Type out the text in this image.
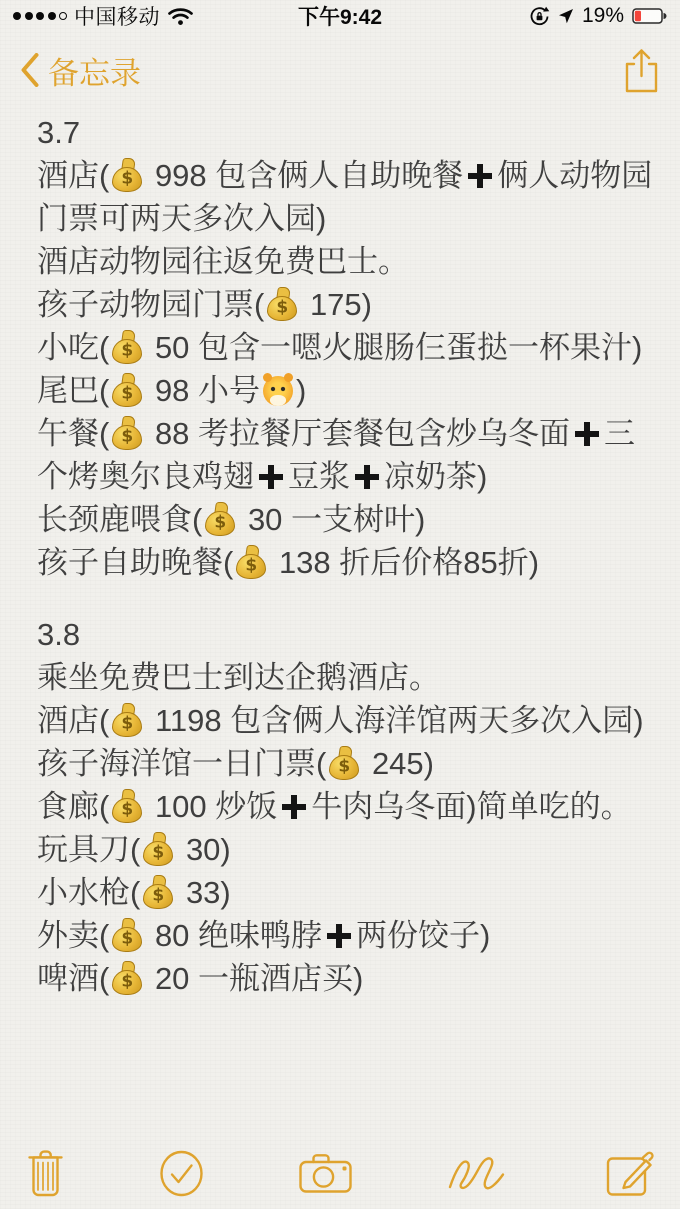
中国移动	下午9:42	19%
备忘录
3.7
酒店(
$
998 包含俩人自助晚餐 俩人动物园门票可两天多次入园)
酒店动物园往返免费巴士。
孩子动物园门票(
$
175)
小吃(
$
50 包含一嗯火腿肠仨蛋挞一杯果汁)
尾巴(
$
98 小号 )
午餐(
$
88 考拉餐厅套餐包含炒乌冬面 三个烤奥尔良鸡翅 豆浆 凉奶茶)
长颈鹿喂食(
$
30 一支树叶)
孩子自助晚餐(
$
138 折后价格85折)
3.8
乘坐免费巴士到达企鹅酒店。
酒店(
$
1198 包含俩人海洋馆两天多次入园)
孩子海洋馆一日门票(
$
245)
食廊(
$
100 炒饭 牛肉乌冬面)简单吃的。
玩具刀(
$
30)
小水枪(
$
33)
外卖(
$
80 绝味鸭脖 两份饺子)
啤酒(
$
20 一瓶酒店买)
